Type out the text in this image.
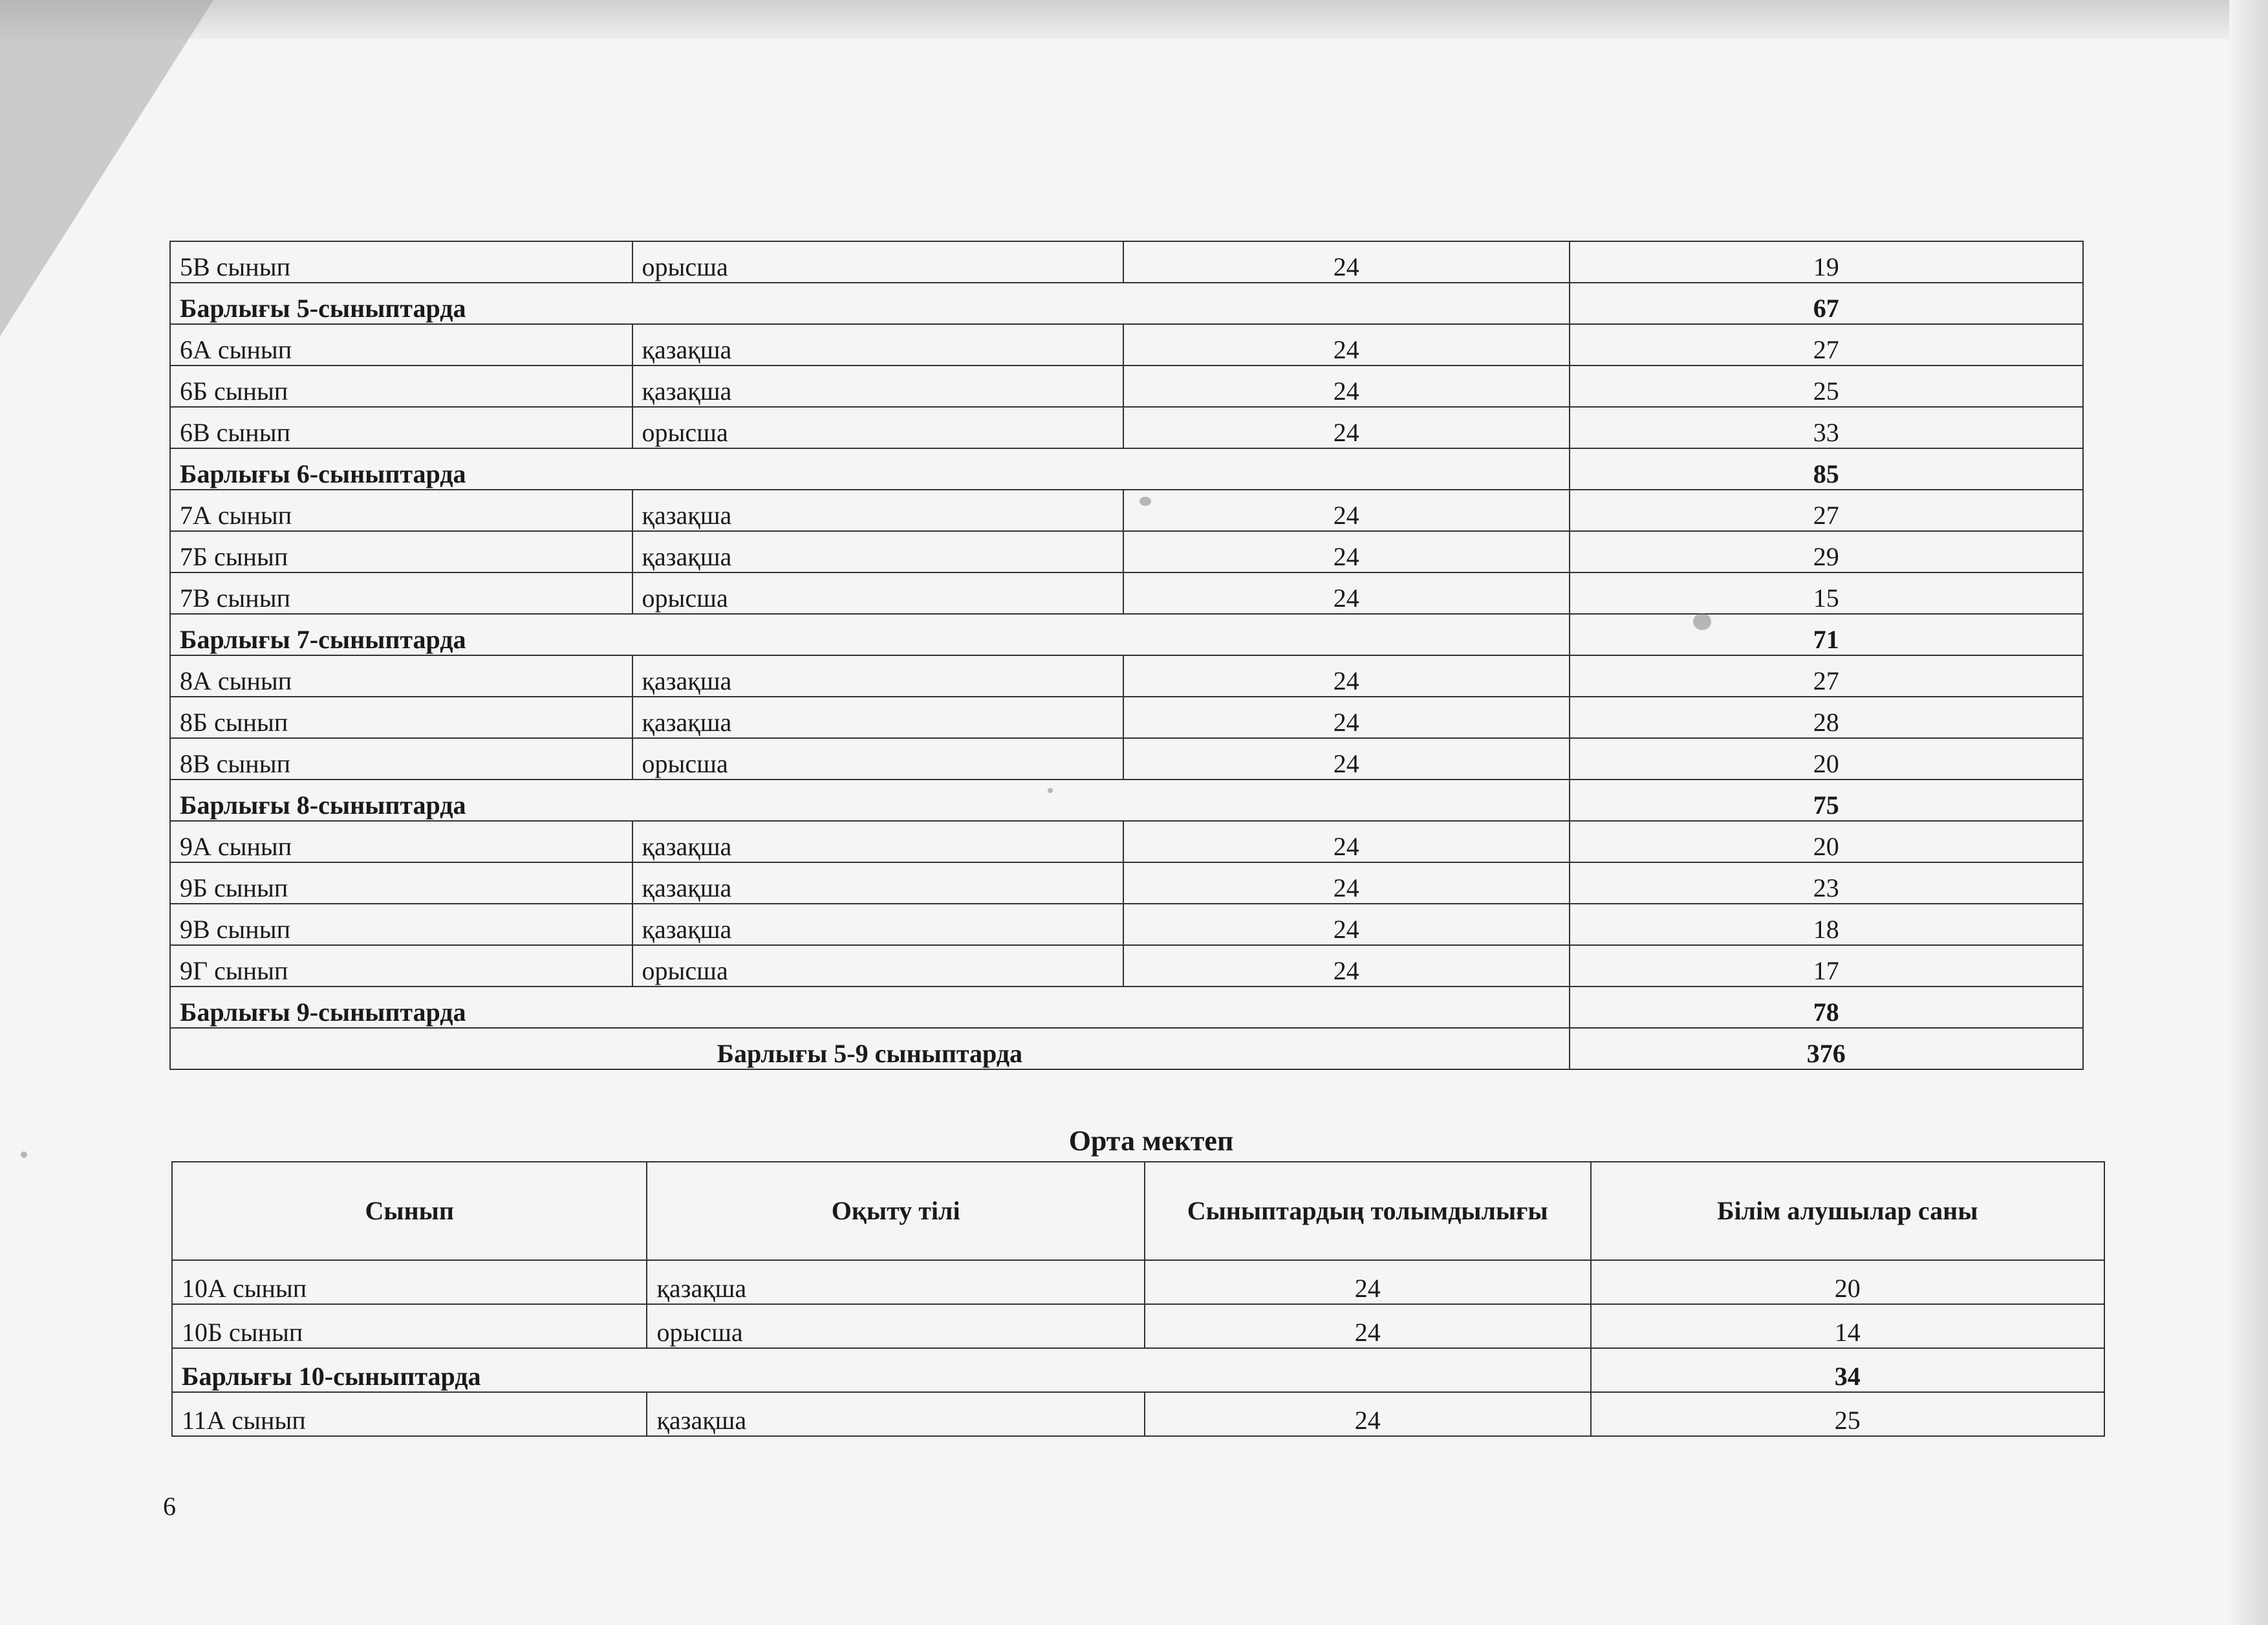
5В сынып	орысша	24	19
Барлығы 5-сыныптарда			67
6А сынып	қазақша	24	27
6Б сынып	қазақша	24	25
6В сынып	орысша	24	33
Барлығы 6-сыныптарда			85
7А сынып	қазақша	24	27
7Б сынып	қазақша	24	29
7В сынып	орысша	24	15
Барлығы 7-сыныптарда			71
8А сынып	қазақша	24	27
8Б сынып	қазақша	24	28
8В сынып	орысша	24	20
Барлығы 8-сыныптарда			75
9А сынып	қазақша	24	20
9Б сынып	қазақша	24	23
9В сынып	қазақша	24	18
9Г сынып	орысша	24	17
Барлығы 9-сыныптарда			78
Барлығы 5-9 сыныптарда			376
Орта мектеп
Сынып	Оқыту тілі	Сыныптардың толымдылығы	Білім алушылар саны
10А сынып	қазақша	24	20
10Б сынып	орысша	24	14
Барлығы 10-сыныптарда			34
11А сынып	қазақша	24	25
6
